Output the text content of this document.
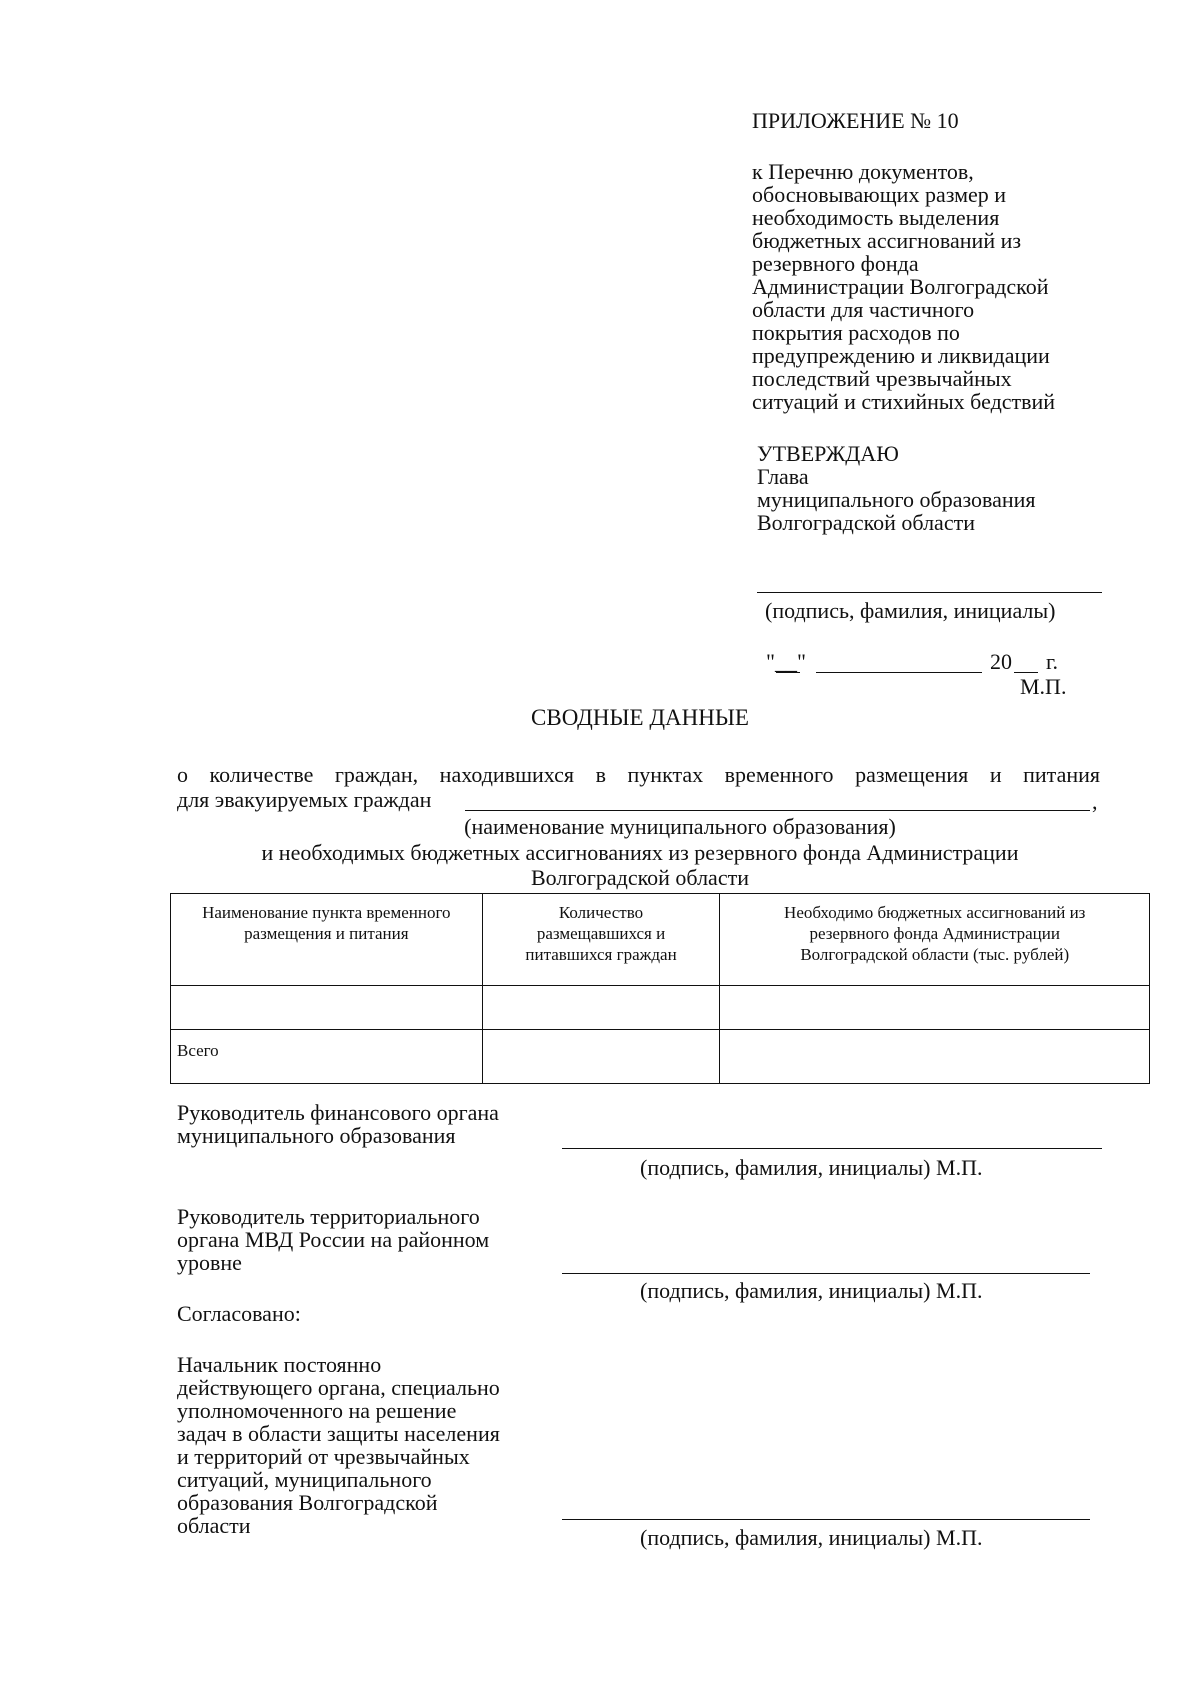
ПРИЛОЖЕНИЕ № 10
к Перечню документов,
обосновывающих размер и
необходимость выделения
бюджетных ассигнований из
резервного фонда
Администрации Волгоградской
области для частичного
покрытия расходов по
предупреждению и ликвидации
последствий чрезвычайных
ситуаций и стихийных бедствий
УТВЕРЖДАЮ
Глава
муниципального образования
Волгоградской области
(подпись, фамилия, инициалы)
"__"	20 г.
М.П.
СВОДНЫЕ ДАННЫЕ
о количестве граждан, находившихся в пунктах временного размещения и питания
для эвакуируемых граждан	,
(наименование муниципального образования)
и необходимых бюджетных ассигнованиях из резервного фонда Администрации
Волгоградской области
Наименование пункта временного размещения и питания	Количество размещавшихся и питавшихся граждан	Необходимо бюджетных ассигнований из резервного фонда Администрации Волгоградской области (тыс. рублей)

Всего		
Руководитель финансового органа
муниципального образования
(подпись, фамилия, инициалы) М.П.
Руководитель территориального
органа МВД России на районном
уровне
(подпись, фамилия, инициалы) М.П.
Согласовано:
Начальник постоянно
действующего органа, специально
уполномоченного на решение
задач в области защиты населения
и территорий от чрезвычайных
ситуаций, муниципального
образования Волгоградской
области	(подпись, фамилия, инициалы) М.П.
